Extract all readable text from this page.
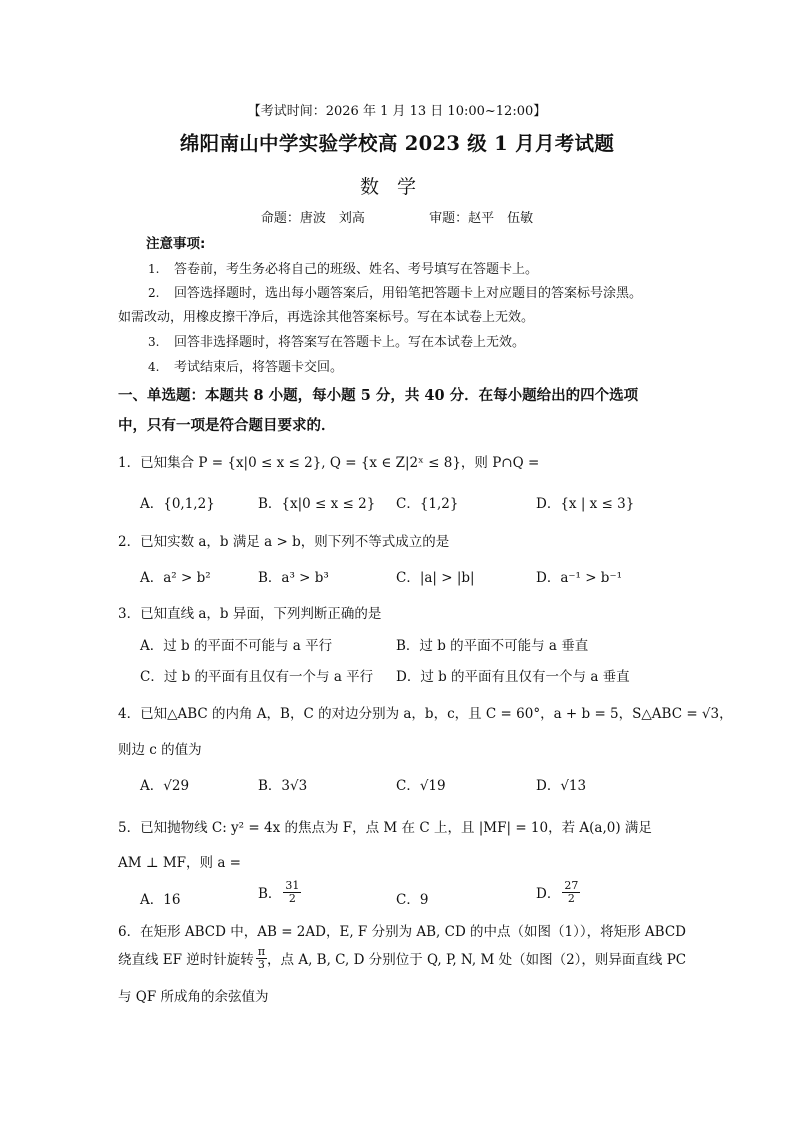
【考试时间：2026 年 1 月 13 日 10:00~12:00】
绵阳南山中学实验学校高 2023 级 1 月月考试题
数学
命题：唐波　刘高	审题：赵平　伍敏
注意事项:
1. 答卷前，考生务必将自己的班级、姓名、考号填写在答题卡上。
2. 回答选择题时，选出每小题答案后，用铅笔把答题卡上对应题目的答案标号涂黑。
如需改动，用橡皮擦干净后，再选涂其他答案标号。写在本试卷上无效。
3. 回答非选择题时，将答案写在答题卡上。写在本试卷上无效。
4. 考试结束后，将答题卡交回。
一、单选题：本题共 8 小题，每小题 5 分，共 40 分．在每小题给出的四个选项
中，只有一项是符合题目要求的．
1．已知集合 P = {x|0 ≤ x ≤ 2}, Q = {x ∈ Z|2ˣ ≤ 8}，则 P∩Q =
A．{0,1,2}	B．{x|0 ≤ x ≤ 2} C．{1,2}	D．{x | x ≤ 3}
2．已知实数 a，b 满足 a > b，则下列不等式成立的是
A．a² > b²	B．a³ > b³	C．|a| > |b|	D．a⁻¹ > b⁻¹
3．已知直线 a，b 异面，下列判断正确的是
A．过 b 的平面不可能与 a 平行	B．过 b 的平面不可能与 a 垂直
C．过 b 的平面有且仅有一个与 a 平行 D．过 b 的平面有且仅有一个与 a 垂直
4．已知△ABC 的内角 A，B，C 的对边分别为 a，b，c，且 C = 60°，a + b = 5，S△ABC = √3，
则边 c 的值为
A．√29	B．3√3	C．√19	D．√13
5．已知抛物线 C: y² = 4x 的焦点为 F，点 M 在 C 上，且 |MF| = 10，若 A(a,0) 满足
AM ⊥ MF，则 a =
A．16	B． $\frac{31}{2}$	C．9	D． $\frac{27}{2}$
6．在矩形 ABCD 中，AB = 2AD，E, F 分别为 AB, CD 的中点（如图（1）），将矩形 ABCD
绕直线 EF 逆时针旋转 $\frac{\pi}{3}$ ，点 A, B, C, D 分别位于 Q, P, N, M 处（如图（2），则异面直线 PC
与 QF 所成角的余弦值为
